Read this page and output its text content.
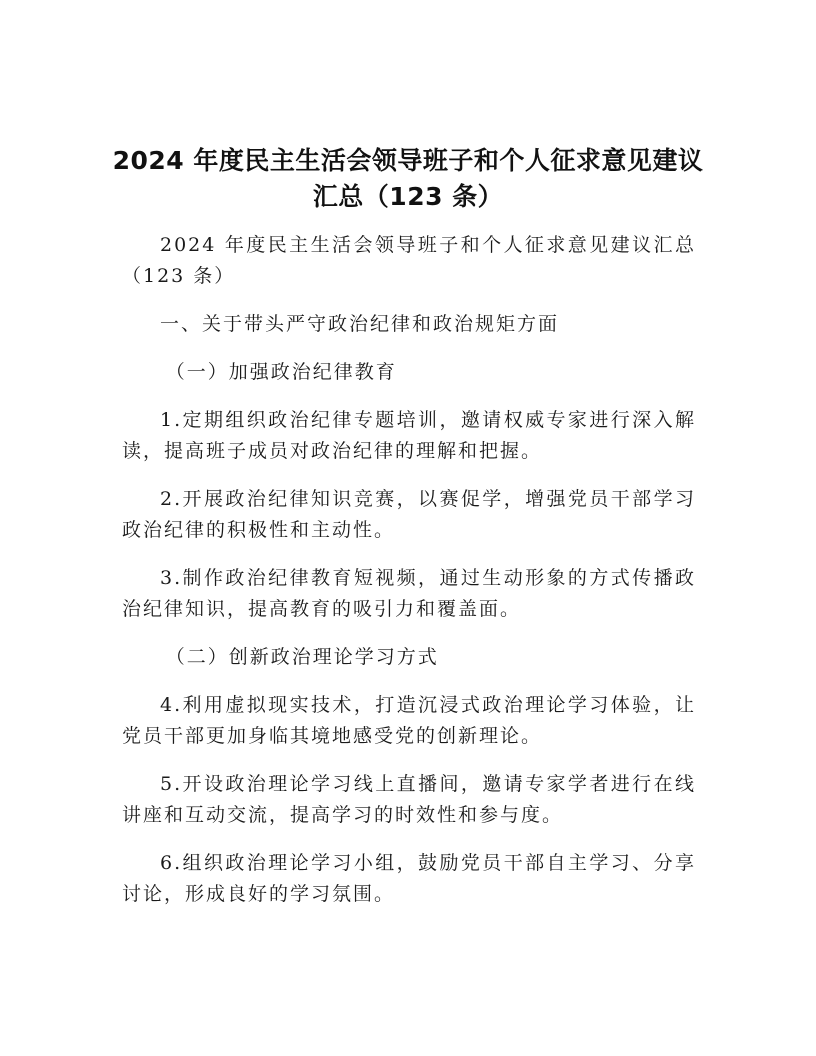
2024 年度民主生活会领导班子和个人征求意见建议汇总（123 条）

2024 年度民主生活会领导班子和个人征求意见建议汇总（123 条）

一、关于带头严守政治纪律和政治规矩方面

（一）加强政治纪律教育

1.定期组织政治纪律专题培训，邀请权威专家进行深入解读，提高班子成员对政治纪律的理解和把握。

2.开展政治纪律知识竞赛，以赛促学，增强党员干部学习政治纪律的积极性和主动性。

3.制作政治纪律教育短视频，通过生动形象的方式传播政治纪律知识，提高教育的吸引力和覆盖面。

（二）创新政治理论学习方式

4.利用虚拟现实技术，打造沉浸式政治理论学习体验，让党员干部更加身临其境地感受党的创新理论。

5.开设政治理论学习线上直播间，邀请专家学者进行在线讲座和互动交流，提高学习的时效性和参与度。

6.组织政治理论学习小组，鼓励党员干部自主学习、分享讨论，形成良好的学习氛围。
